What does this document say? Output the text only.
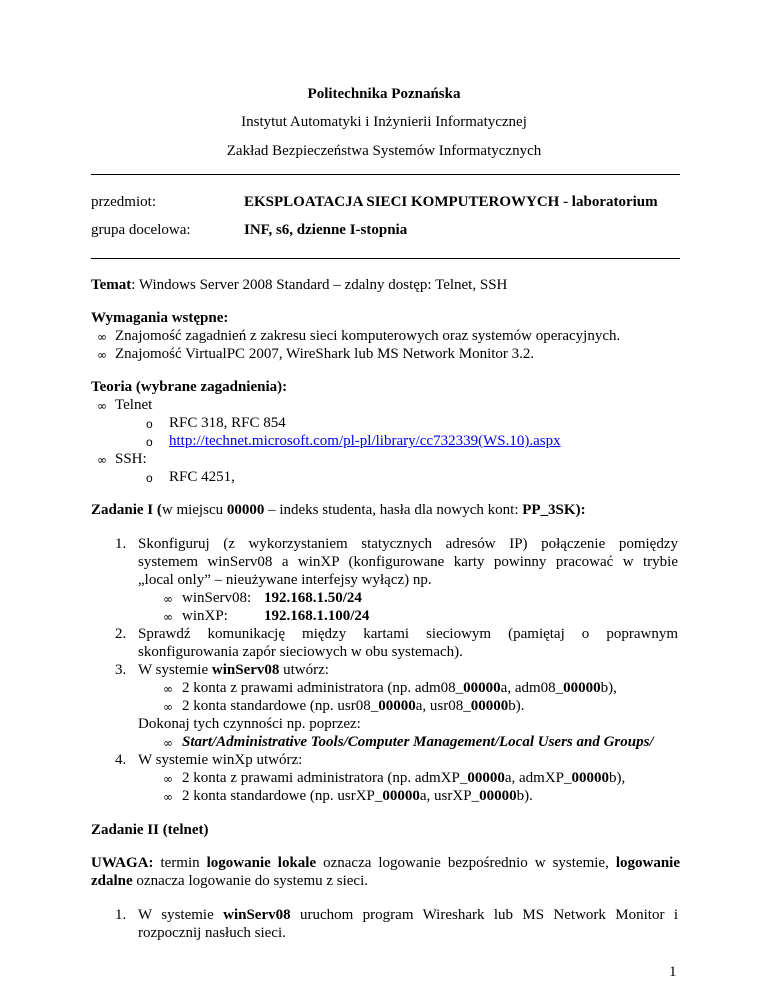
Politechnika Poznańska
Instytut Automatyki i Inżynierii Informatycznej
Zakład Bezpieczeństwa Systemów Informatycznych
przedmiot:	EKSPLOATACJA SIECI KOMPUTEROWYCH - laboratorium
grupa docelowa:	INF, s6, dzienne I-stopnia
Temat: Windows Server 2008 Standard – zdalny dostęp: Telnet, SSH
Wymagania wstępne:
∞ Znajomość zagadnień z zakresu sieci komputerowych oraz systemów operacyjnych.
∞ Znajomość VirtualPC 2007, WireShark lub MS Network Monitor 3.2.
Teoria (wybrane zagadnienia):
∞ Telnet
o RFC 318, RFC 854
o http://technet.microsoft.com/pl-pl/library/cc732339(WS.10).aspx
∞ SSH:
o RFC 4251,
Zadanie I (w miejscu 00000 – indeks studenta, hasła dla nowych kont: PP_3SK):
1. Skonfiguruj (z wykorzystaniem statycznych adresów IP) połączenie pomiędzy
systemem winServ08 a winXP (konfigurowane karty powinny pracować w trybie
„local only” – nieużywane interfejsy wyłącz) np.
∞ winServ08: 192.168.1.50/24
∞ winXP: 192.168.1.100/24
2. Sprawdź komunikację między kartami sieciowym (pamiętaj o poprawnym
skonfigurowania zapór sieciowych w obu systemach).
3. W systemie winServ08 utwórz:
∞ 2 konta z prawami administratora (np. adm08_00000a, adm08_00000b),
∞ 2 konta standardowe (np. usr08_00000a, usr08_00000b).
Dokonaj tych czynności np. poprzez:
∞ Start/Administrative Tools/Computer Management/Local Users and Groups/
4. W systemie winXp utwórz:
∞ 2 konta z prawami administratora (np. admXP_00000a, admXP_00000b),
∞ 2 konta standardowe (np. usrXP_00000a, usrXP_00000b).
Zadanie II (telnet)
UWAGA: termin logowanie lokale oznacza logowanie bezpośrednio w systemie, logowanie
zdalne oznacza logowanie do systemu z sieci.
1. W systemie winServ08 uruchom program Wireshark lub MS Network Monitor i
rozpocznij nasłuch sieci.
1
